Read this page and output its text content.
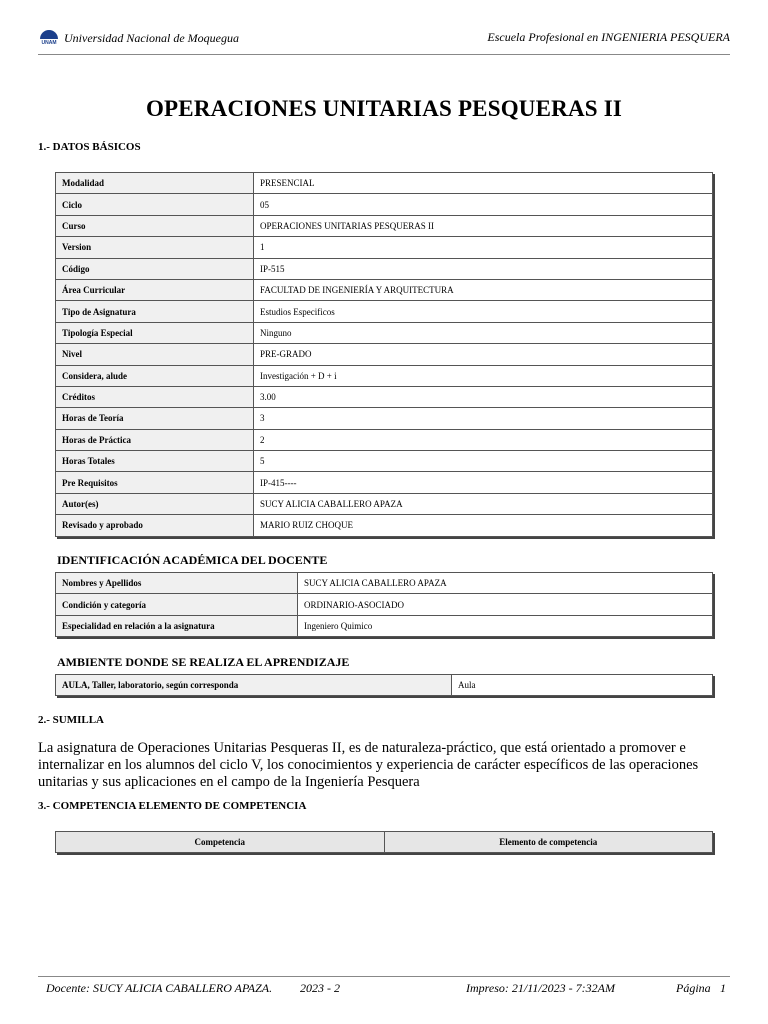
UNAM Universidad Nacional de Moquegua	Escuela Profesional en INGENIERIA PESQUERA
OPERACIONES UNITARIAS PESQUERAS II
1.- DATOS BÁSICOS
Modalidad	PRESENCIAL
Ciclo	05
Curso	OPERACIONES UNITARIAS PESQUERAS II
Version	1
Código	IP-515
Área Curricular	FACULTAD DE INGENIERÍA Y ARQUITECTURA
Tipo de Asignatura	Estudios Especificos
Tipología Especial	Ninguno
Nivel	PRE-GRADO
Considera, alude	Investigación + D + i
Créditos	3.00
Horas de Teoría	3
Horas de Práctica	2
Horas Totales	5
Pre Requisitos	IP-415----
Autor(es)	SUCY ALICIA CABALLERO APAZA
Revisado y aprobado	MARIO RUIZ CHOQUE
IDENTIFICACIÓN ACADÉMICA DEL DOCENTE
Nombres y Apellidos	SUCY ALICIA CABALLERO APAZA
Condición y categoría	ORDINARIO-ASOCIADO
Especialidad en relación a la asignatura	Ingeniero Quimico
AMBIENTE DONDE SE REALIZA EL APRENDIZAJE
AULA, Taller, laboratorio, según corresponda	Aula
2.- SUMILLA
La asignatura de Operaciones Unitarias Pesqueras II, es de naturaleza-práctico, que está orientado a promover e internalizar en los alumnos del ciclo V, los conocimientos y experiencia de carácter específicos de las operaciones unitarias y sus aplicaciones en el campo de la Ingeniería Pesquera
3.- COMPETENCIA ELEMENTO DE COMPETENCIA
Competencia	Elemento de competencia
Docente: SUCY ALICIA CABALLERO APAZA. 2023 - 2	Impreso: 21/11/2023 - 7:32AM	Página 1
